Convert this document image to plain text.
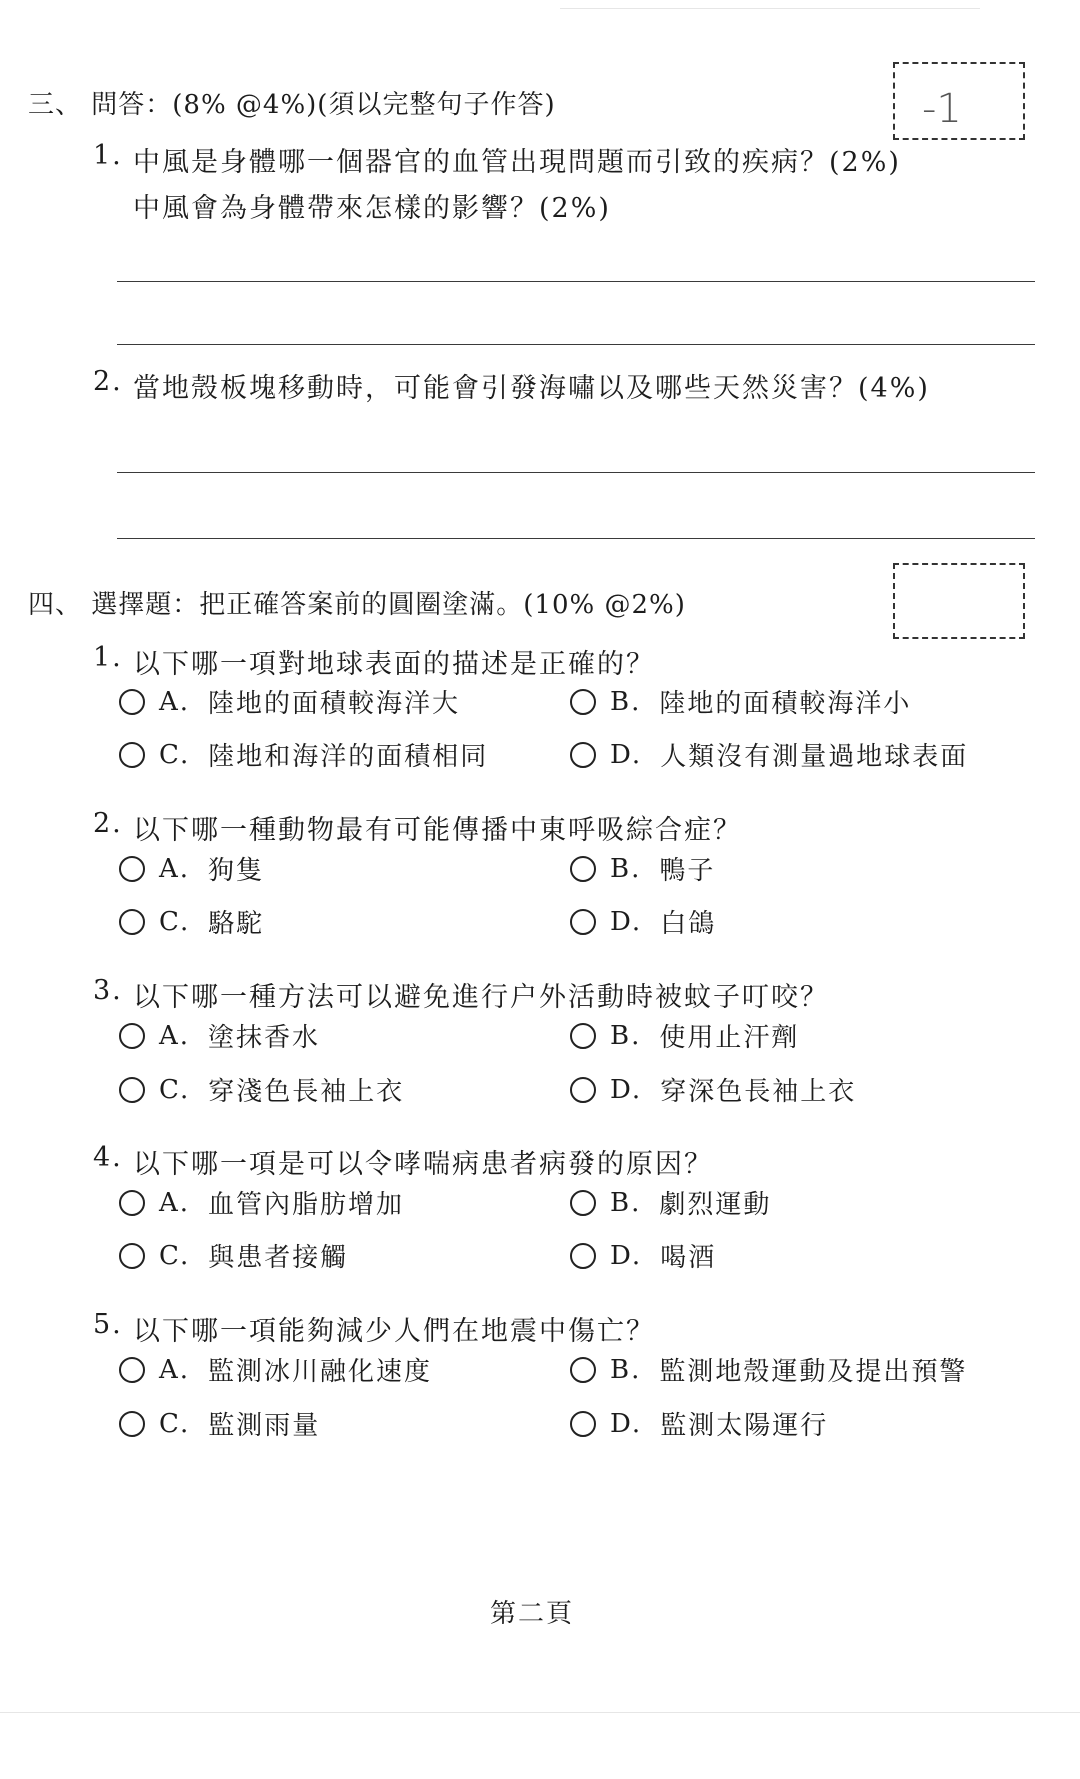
三、 問答：(8% @4%)(須以完整句子作答)	-1
1. 中風是身體哪一個器官的血管出現問題而引致的疾病？(2%)
中風會為身體帶來怎樣的影響？(2%)
2. 當地殼板塊移動時，可能會引發海嘯以及哪些天然災害？(4%)
四、 選擇題：把正確答案前的圓圈塗滿。(10% @2%)
1. 以下哪一項對地球表面的描述是正確的？
A. 陸地的面積較海洋大	B. 陸地的面積較海洋小
C. 陸地和海洋的面積相同	D. 人類沒有測量過地球表面
2. 以下哪一種動物最有可能傳播中東呼吸綜合症？
A. 狗隻	B. 鴨子
C. 駱駝	D. 白鴿
3. 以下哪一種方法可以避免進行户外活動時被蚊子叮咬？
A. 塗抹香水	B. 使用止汗劑
C. 穿淺色長袖上衣	D. 穿深色長袖上衣
4. 以下哪一項是可以令哮喘病患者病發的原因？
A. 血管內脂肪增加	B. 劇烈運動
C. 與患者接觸	D. 喝酒
5. 以下哪一項能夠減少人們在地震中傷亡？
A. 監測冰川融化速度	B. 監測地殼運動及提出預警
C. 監測雨量	D. 監測太陽運行
第二頁
